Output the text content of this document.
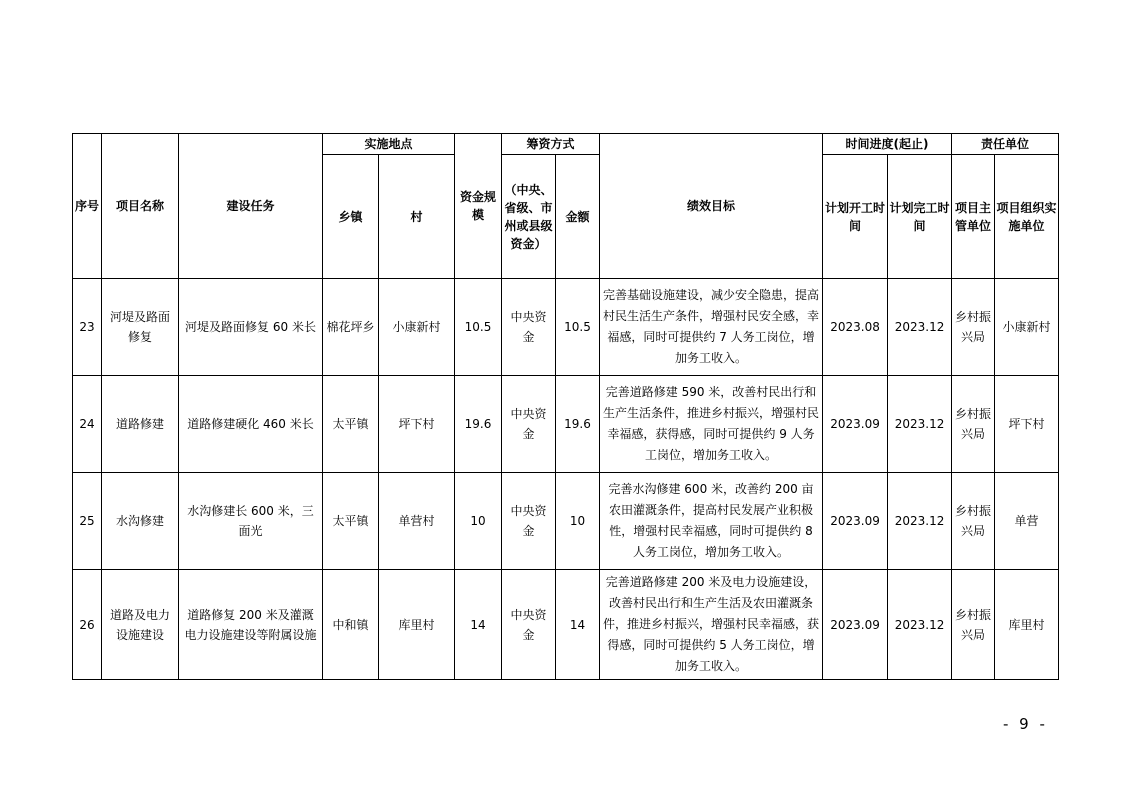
序号	项目名称	建设任务	实施地点		资金规模	筹资方式		绩效目标	时间进度(起止)		责任单位	
			乡镇	村		（中央、省级、市州或县级资金）	金额		计划开工时间	计划完工时间	项目主管单位	项目组织实施单位
23	河堤及路面修复	河堤及路面修复 60 米长	棉花坪乡	小康新村	10.5	中央资金	10.5	完善基础设施建设，减少安全隐患，提高村民生活生产条件，增强村民安全感，幸福感，同时可提供约 7 人务工岗位，增加务工收入。	2023.08	2023.12	乡村振兴局	小康新村
24	道路修建	道路修建硬化 460 米长	太平镇	坪下村	19.6	中央资金	19.6	完善道路修建 590 米，改善村民出行和生产生活条件，推进乡村振兴，增强村民幸福感，获得感，同时可提供约 9 人务工岗位，增加务工收入。	2023.09	2023.12	乡村振兴局	坪下村
25	水沟修建	水沟修建长 600 米，三面光	太平镇	单营村	10	中央资金	10	完善水沟修建 600 米，改善约 200 亩农田灌溉条件，提高村民发展产业积极性，增强村民幸福感，同时可提供约 8 人务工岗位，增加务工收入。	2023.09	2023.12	乡村振兴局	单营
26	道路及电力设施建设	道路修复 200 米及灌溉电力设施建设等附属设施	中和镇	库里村	14	中央资金	14	完善道路修建 200 米及电力设施建设，改善村民出行和生产生活及农田灌溉条件，推进乡村振兴，增强村民幸福感，获得感，同时可提供约 5 人务工岗位，增加务工收入。	2023.09	2023.12	乡村振兴局	库里村
- 9 -
